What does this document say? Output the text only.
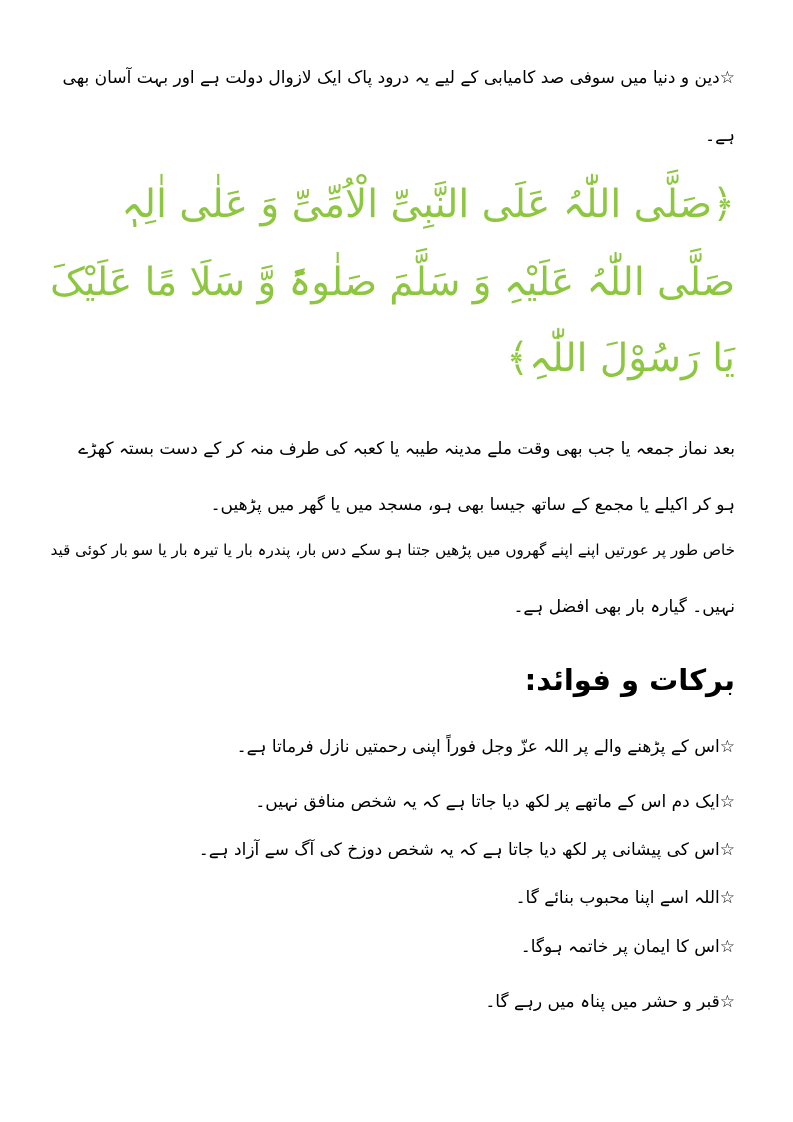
☆دین و دنیا میں سوفی صد کامیابی کے لیے یہ درود پاک ایک لازوال دولت ہے اور بہت آسان بھی
ہے۔
﴿صَلَّی اللّٰہُ عَلَی النَّبِیِّ الْاُمِّیِّ وَ عَلٰی اٰلِہٖ
صَلَّی اللّٰہُ عَلَیْہِ وَ سَلَّمَ صَلٰوۃً وَّ سَلَا مًا عَلَیْکَ
یَا رَسُوْلَ اللّٰہِ﴾
بعد نماز جمعہ یا جب بھی وقت ملے مدینہ طیبہ یا کعبہ کی طرف منہ کر کے دست بستہ کھڑے
ہو کر اکیلے یا مجمع کے ساتھ جیسا بھی ہو، مسجد میں یا گھر میں پڑھیں۔
خاص طور پر عورتیں اپنے اپنے گھروں میں پڑھیں جتنا ہو سکے دس بار، پندرہ بار یا تیرہ بار یا سو بار کوئی قید
نہیں۔ گیارہ بار بھی افضل ہے۔
برکات و فوائد:
☆اس کے پڑھنے والے پر اللہ عزّ وجل فوراً اپنی رحمتیں نازل فرماتا ہے۔
☆ایک دم اس کے ماتھے پر لکھ دیا جاتا ہے کہ یہ شخص منافق نہیں۔
☆اس کی پیشانی پر لکھ دیا جاتا ہے کہ یہ شخص دوزخ کی آگ سے آزاد ہے۔
☆اللہ اسے اپنا محبوب بنائے گا۔
☆اس کا ایمان پر خاتمہ ہوگا۔
☆قبر و حشر میں پناہ میں رہے گا۔
